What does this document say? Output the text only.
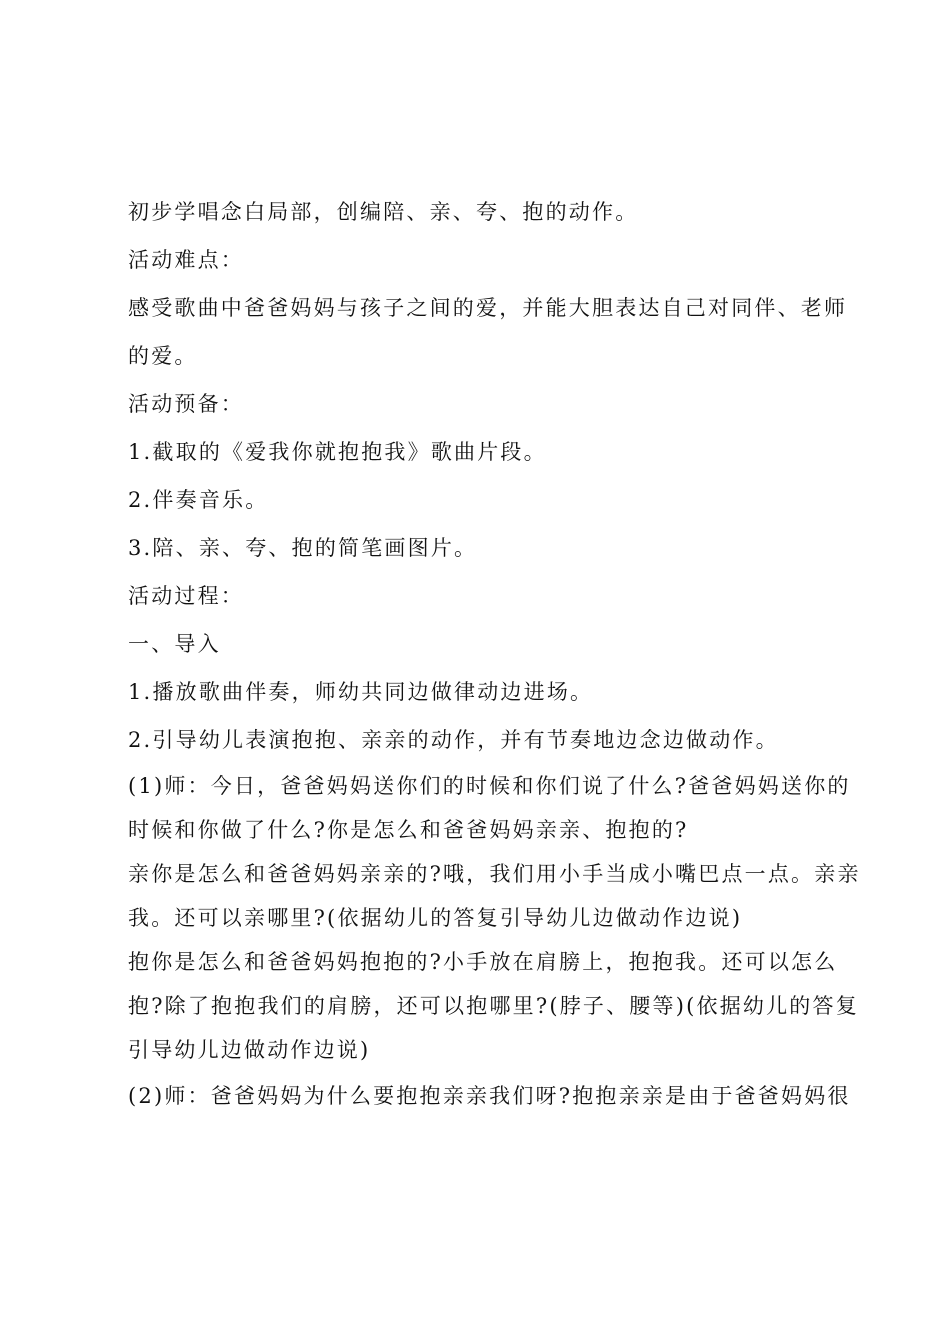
初步学唱念白局部，创编陪、亲、夸、抱的动作。

活动难点：

感受歌曲中爸爸妈妈与孩子之间的爱，并能大胆表达自己对同伴、老师

的爱。

活动预备：

1.截取的《爱我你就抱抱我》歌曲片段。

2.伴奏音乐。

3.陪、亲、夸、抱的简笔画图片。

活动过程：

一、导入

1.播放歌曲伴奏，师幼共同边做律动边进场。

2.引导幼儿表演抱抱、亲亲的动作，并有节奏地边念边做动作。

(1)师：今日，爸爸妈妈送你们的时候和你们说了什么?爸爸妈妈送你的

时候和你做了什么?你是怎么和爸爸妈妈亲亲、抱抱的?

亲你是怎么和爸爸妈妈亲亲的?哦，我们用小手当成小嘴巴点一点。亲亲

我。还可以亲哪里?(依据幼儿的答复引导幼儿边做动作边说)

抱你是怎么和爸爸妈妈抱抱的?小手放在肩膀上，抱抱我。还可以怎么

抱?除了抱抱我们的肩膀，还可以抱哪里?(脖子、腰等)(依据幼儿的答复

引导幼儿边做动作边说)

(2)师：爸爸妈妈为什么要抱抱亲亲我们呀?抱抱亲亲是由于爸爸妈妈很
